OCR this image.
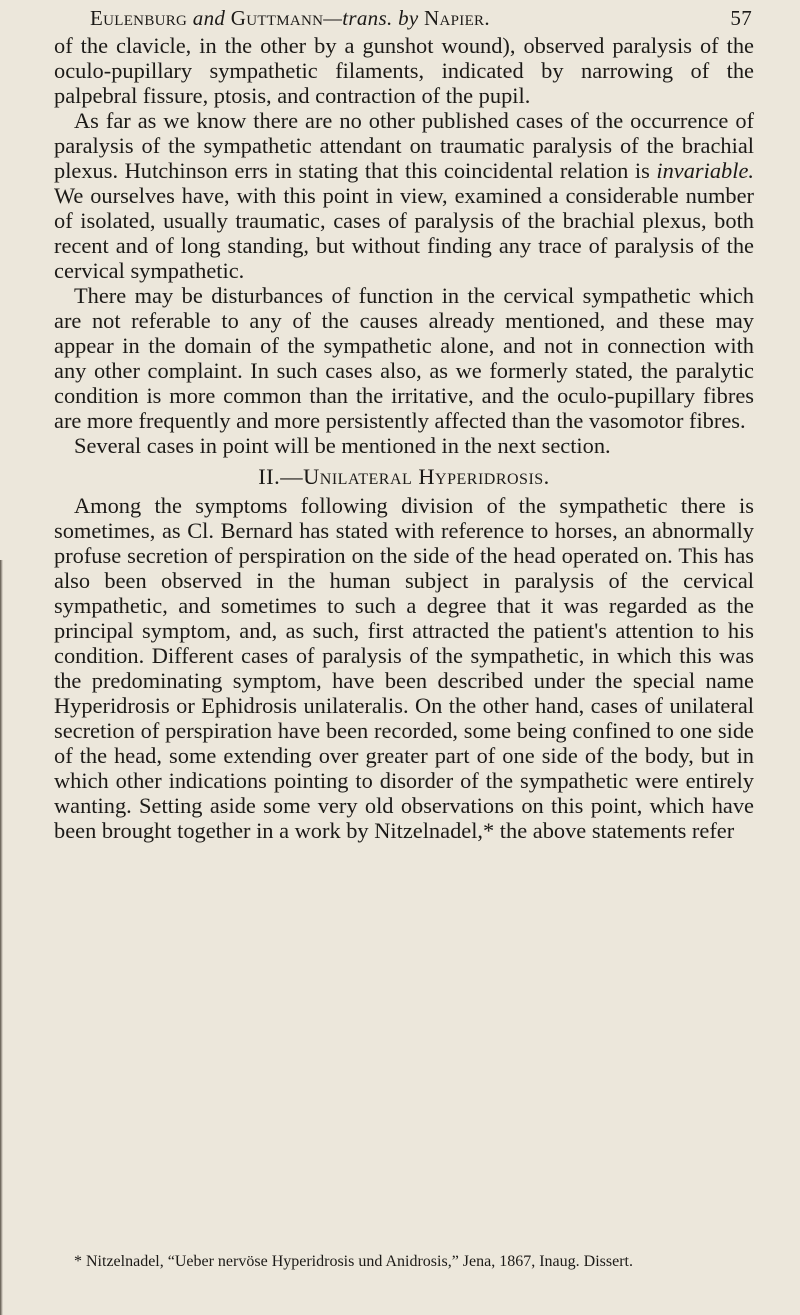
Eulenburg and Guttmann—trans. by Napier.	57

of the clavicle, in the other by a gunshot wound), observed paralysis of the oculo-pupillary sympathetic filaments, indicated by narrowing of the palpebral fissure, ptosis, and contraction of the pupil.

As far as we know there are no other published cases of the occurrence of paralysis of the sympathetic attendant on traumatic paralysis of the brachial plexus. Hutchinson errs in stating that this coincidental relation is invariable. We ourselves have, with this point in view, examined a considerable number of isolated, usually traumatic, cases of paralysis of the brachial plexus, both recent and of long standing, but without finding any trace of paralysis of the cervical sympathetic.

There may be disturbances of function in the cervical sympathetic which are not referable to any of the causes already mentioned, and these may appear in the domain of the sympathetic alone, and not in connection with any other complaint. In such cases also, as we formerly stated, the paralytic condition is more common than the irritative, and the oculo-pupillary fibres are more frequently and more persistently affected than the vasomotor fibres.

Several cases in point will be mentioned in the next section.

II.—Unilateral Hyperidrosis.

Among the symptoms following division of the sympathetic there is sometimes, as Cl. Bernard has stated with reference to horses, an abnormally profuse secretion of perspiration on the side of the head operated on. This has also been observed in the human subject in paralysis of the cervical sympathetic, and sometimes to such a degree that it was regarded as the principal symptom, and, as such, first attracted the patient's attention to his condition. Different cases of paralysis of the sympathetic, in which this was the predominating symptom, have been described under the special name Hyperidrosis or Ephidrosis unilateralis. On the other hand, cases of unilateral secretion of perspiration have been recorded, some being confined to one side of the head, some extending over greater part of one side of the body, but in which other indications pointing to disorder of the sympathetic were entirely wanting. Setting aside some very old observations on this point, which have been brought together in a work by Nitzelnadel,* the above statements refer

* Nitzelnadel, “Ueber nervöse Hyperidrosis und Anidrosis,” Jena, 1867, Inaug. Dissert.
